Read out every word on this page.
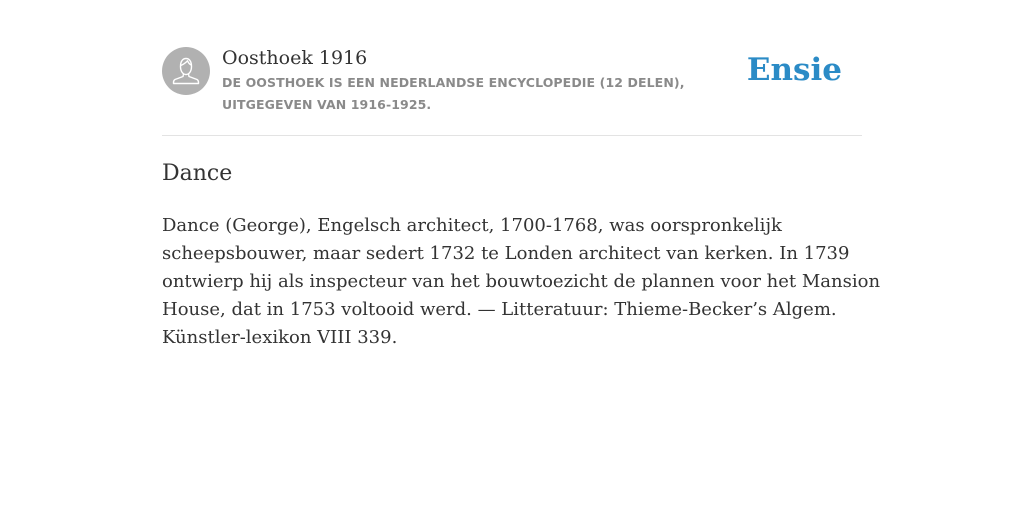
Oosthoek 1916
DE OOSTHOEK IS EEN NEDERLANDSE ENCYCLOPEDIE (12 DELEN), UITGEGEVEN VAN 1916-1925.
Ensie
Dance
Dance (George), Engelsch architect, 1700-1768, was oorspronkelijk
scheepsbouwer, maar sedert 1732 te Londen architect van kerken. In 1739
ontwierp hij als inspecteur van het bouwtoezicht de plannen voor het Mansion
House, dat in 1753 voltooid werd. — Litteratuur: Thieme-Becker’s Algem.
Künstler-lexikon VIII 339.
